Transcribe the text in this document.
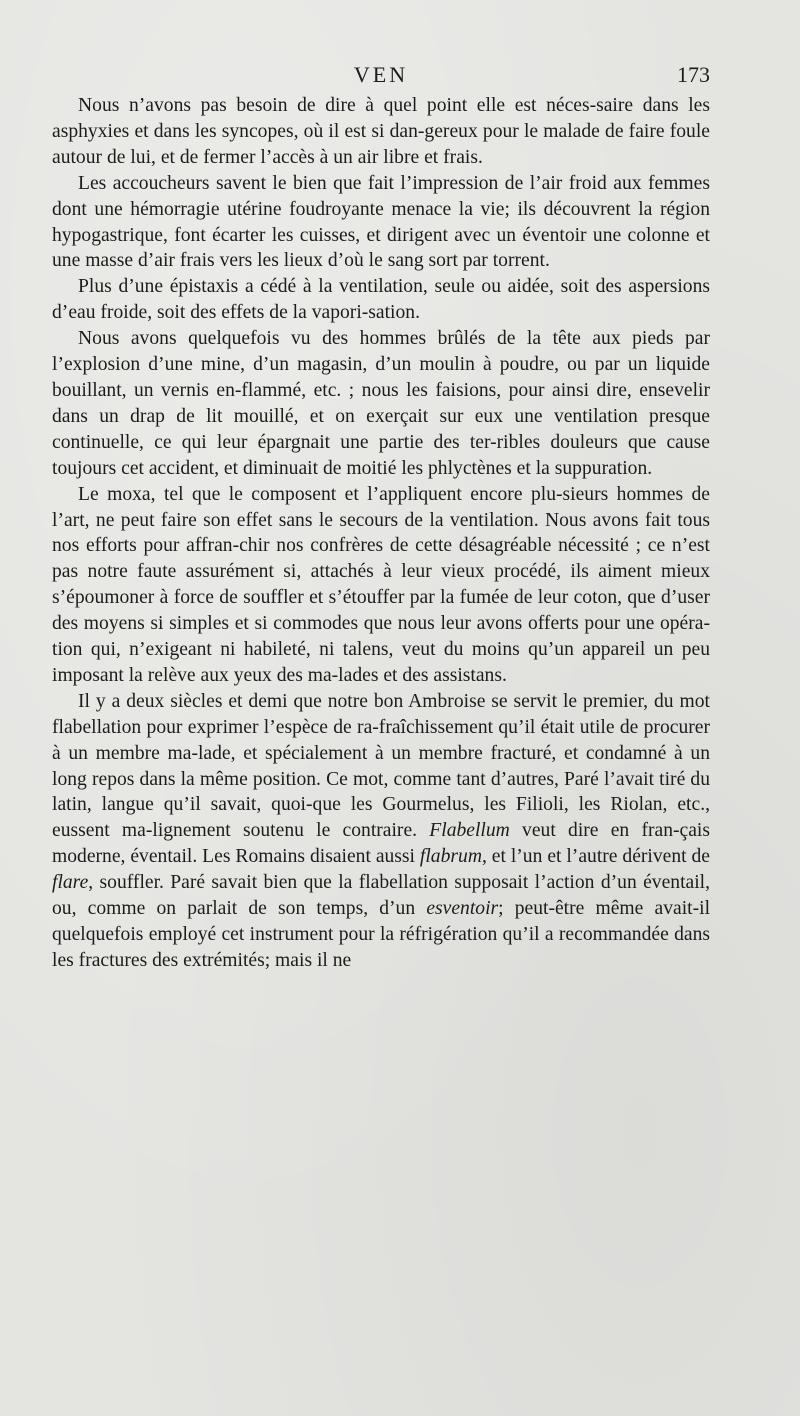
VEN	173

Nous n’avons pas besoin de dire à quel point elle est néces-saire dans les asphyxies et dans les syncopes, où il est si dan-gereux pour le malade de faire foule autour de lui, et de fermer l’accès à un air libre et frais.

Les accoucheurs savent le bien que fait l’impression de l’air froid aux femmes dont une hémorragie utérine foudroyante menace la vie; ils découvrent la région hypogastrique, font écarter les cuisses, et dirigent avec un éventoir une colonne et une masse d’air frais vers les lieux d’où le sang sort par torrent.

Plus d’une épistaxis a cédé à la ventilation, seule ou aidée, soit des aspersions d’eau froide, soit des effets de la vapori-sation.

Nous avons quelquefois vu des hommes brûlés de la tête aux pieds par l’explosion d’une mine, d’un magasin, d’un moulin à poudre, ou par un liquide bouillant, un vernis en-flammé, etc. ; nous les faisions, pour ainsi dire, ensevelir dans un drap de lit mouillé, et on exerçait sur eux une ventilation presque continuelle, ce qui leur épargnait une partie des ter-ribles douleurs que cause toujours cet accident, et diminuait de moitié les phlyctènes et la suppuration.

Le moxa, tel que le composent et l’appliquent encore plu-sieurs hommes de l’art, ne peut faire son effet sans le secours de la ventilation. Nous avons fait tous nos efforts pour affran-chir nos confrères de cette désagréable nécessité ; ce n’est pas notre faute assurément si, attachés à leur vieux procédé, ils aiment mieux s’époumoner à force de souffler et s’étouffer par la fumée de leur coton, que d’user des moyens si simples et si commodes que nous leur avons offerts pour une opéra-tion qui, n’exigeant ni habileté, ni talens, veut du moins qu’un appareil un peu imposant la relève aux yeux des ma-lades et des assistans.

Il y a deux siècles et demi que notre bon Ambroise se servit le premier, du mot flabellation pour exprimer l’espèce de ra-fraîchissement qu’il était utile de procurer à un membre ma-lade, et spécialement à un membre fracturé, et condamné à un long repos dans la même position. Ce mot, comme tant d’autres, Paré l’avait tiré du latin, langue qu’il savait, quoi-que les Gourmelus, les Filioli, les Riolan, etc., eussent ma-lignement soutenu le contraire. Flabellum veut dire en fran-çais moderne, éventail. Les Romains disaient aussi flabrum, et l’un et l’autre dérivent de flare, souffler. Paré savait bien que la flabellation supposait l’action d’un éventail, ou, comme on parlait de son temps, d’un esventoir; peut-être même avait-il quelquefois employé cet instrument pour la réfrigération qu’il a recommandée dans les fractures des extrémités; mais il ne
